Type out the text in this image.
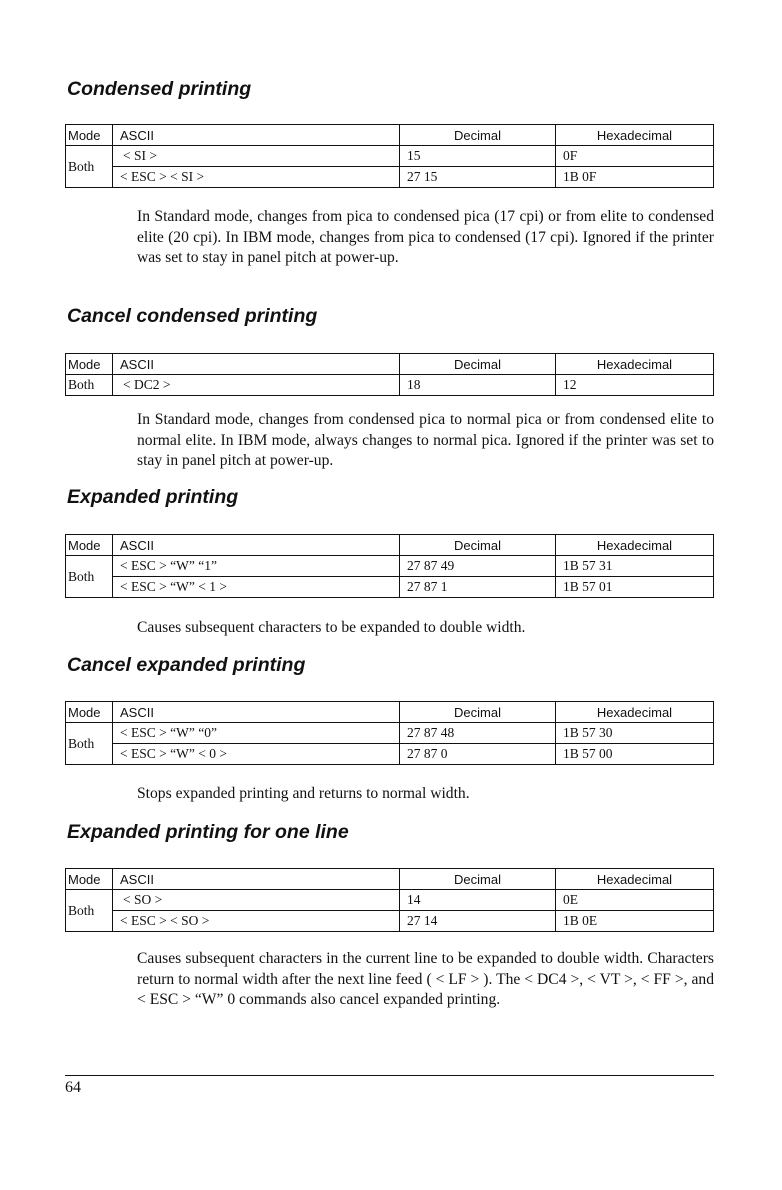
Condensed printing
Mode	ASCII	Decimal	Hexadecimal
Both	< SI >	15	0F
	< ESC > < SI >	27 15	1B 0F

In Standard mode, changes from pica to condensed pica (17 cpi) or from elite to condensed elite (20 cpi). In IBM mode, changes from pica to condensed (17 cpi). Ignored if the printer was set to stay in panel pitch at power-up.

Cancel condensed printing
Mode	ASCII	Decimal	Hexadecimal
Both	< DC2 >	18	12

In Standard mode, changes from condensed pica to normal pica or from condensed elite to normal elite. In IBM mode, always changes to normal pica. Ignored if the printer was set to stay in panel pitch at power-up.

Expanded printing
Mode	ASCII	Decimal	Hexadecimal
Both	< ESC > “W” “1”	27 87 49	1B 57 31
	< ESC > “W” < 1 >	27 87 1	1B 57 01

Causes subsequent characters to be expanded to double width.

Cancel expanded printing
Mode	ASCII	Decimal	Hexadecimal
Both	< ESC > “W” “0”	27 87 48	1B 57 30
	< ESC > “W” < 0 >	27 87 0	1B 57 00

Stops expanded printing and returns to normal width.

Expanded printing for one line
Mode	ASCII	Decimal	Hexadecimal
Both	< SO >	14	0E
	< ESC > < SO >	27 14	1B 0E

Causes subsequent characters in the current line to be expanded to double width. Characters return to normal width after the next line feed ( < LF > ). The < DC4 >, < VT >, < FF >, and < ESC > “W” 0 commands also cancel expanded printing.

64
